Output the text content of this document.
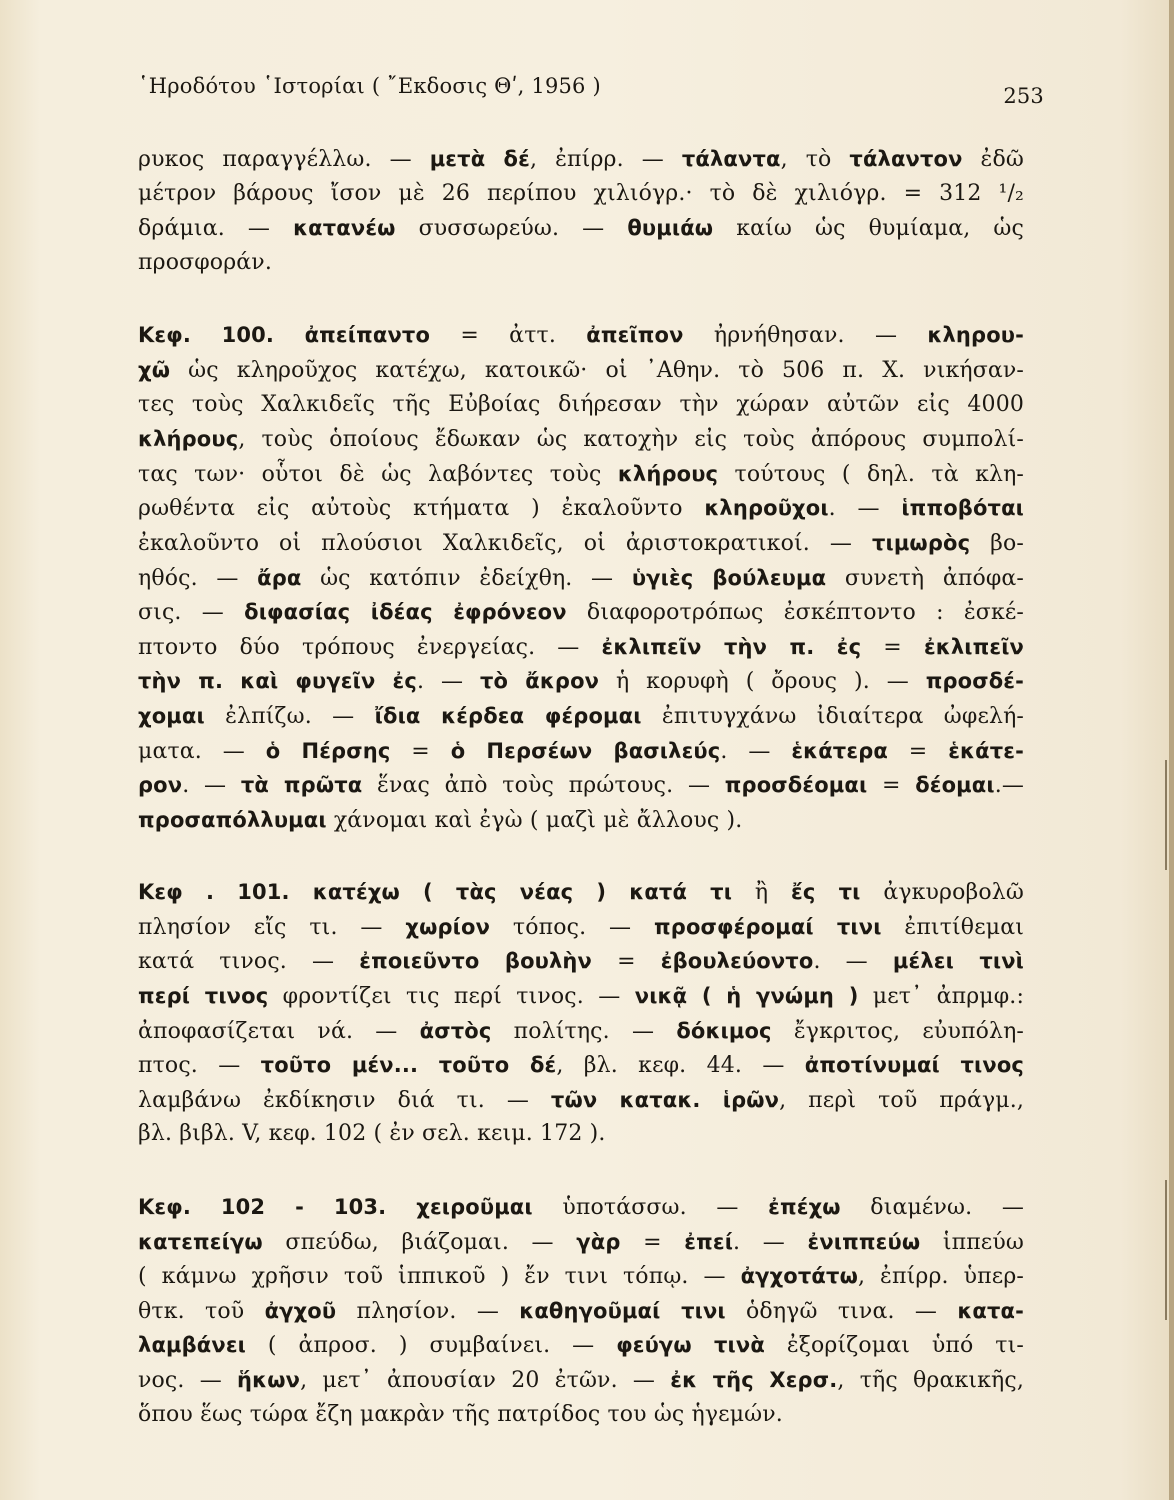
῾Ηροδότου ῾Ιστορίαι ( ῎Εκδοσις Θʹ, 1956 )	253
ρυκος παραγγέλλω. — μετὰ δέ, ἐπίρρ. — τάλαντα, τὸ τάλαντον ἐδῶ
μέτρον βάρους ἴσον μὲ 26 περίπου χιλιόγρ.· τὸ δὲ χιλιόγρ. = 312 ¹/₂
δράμια. — κατανέω συσσωρεύω. — θυμιάω καίω ὡς θυμίαμα, ὡς
προσφοράν.
Κεφ. 100. ἀπείπαντο = ἀττ. ἀπεῖπον ἠρνήθησαν. — κληρου-
χῶ ὡς κληροῦχος κατέχω, κατοικῶ· οἱ ᾿Αθην. τὸ 506 π. Χ. νικήσαν-
τες τοὺς Χαλκιδεῖς τῆς Εὐβοίας διήρεσαν τὴν χώραν αὐτῶν εἰς 4000
κλήρους, τοὺς ὁποίους ἔδωκαν ὡς κατοχὴν εἰς τοὺς ἀπόρους συμπολί-
τας των· οὗτοι δὲ ὡς λαβόντες τοὺς κλήρους τούτους ( δηλ. τὰ κλη-
ρωθέντα εἰς αὐτοὺς κτήματα ) ἐκαλοῦντο κληροῦχοι. — ἱπποβόται
ἐκαλοῦντο οἱ πλούσιοι Χαλκιδεῖς, οἱ ἀριστοκρατικοί. — τιμωρὸς βο-
ηθός. — ἄρα ὡς κατόπιν ἐδείχθη. — ὑγιὲς βούλευμα συνετὴ ἀπόφα-
σις. — διφασίας ἰδέας ἐφρόνεον διαφοροτρόπως ἐσκέπτοντο : ἐσκέ-
πτοντο δύο τρόπους ἐνεργείας. — ἐκλιπεῖν τὴν π. ἐς = ἐκλιπεῖν
τὴν π. καὶ φυγεῖν ἐς. — τὸ ἄκρον ἡ κορυφὴ ( ὄρους ). — προσδέ-
χομαι ἐλπίζω. — ἴδια κέρδεα φέρομαι ἐπιτυγχάνω ἰδιαίτερα ὠφελή-
ματα. — ὁ Πέρσης = ὁ Περσέων βασιλεύς. — ἑκάτερα = ἑκάτε-
ρον. — τὰ πρῶτα ἕνας ἀπὸ τοὺς πρώτους. — προσδέομαι = δέομαι.—
προσαπόλλυμαι χάνομαι καὶ ἐγὼ ( μαζὶ μὲ ἄλλους ).
Κεφ . 101. κατέχω ( τὰς νέας ) κατά τι ἢ ἔς τι ἀγκυροβολῶ
πλησίον εἴς τι. — χωρίον τόπος. — προσφέρομαί τινι ἐπιτίθεμαι
κατά τινος. — ἐποιεῦντο βουλὴν = ἐβουλεύοντο. — μέλει τινὶ
περί τινος φροντίζει τις περί τινος. — νικᾷ ( ἡ γνώμη ) μετ᾽ ἀπρμφ.:
ἀποφασίζεται νά. — ἀστὸς πολίτης. — δόκιμος ἔγκριτος, εὐυπόλη-
πτος. — τοῦτο μέν... τοῦτο δέ, βλ. κεφ. 44. — ἀποτίνυμαί τινος
λαμβάνω ἐκδίκησιν διά τι. — τῶν κατακ. ἱρῶν, περὶ τοῦ πράγμ.,
βλ. βιβλ. V, κεφ. 102 ( ἐν σελ. κειμ. 172 ).
Κεφ. 102 - 103. χειροῦμαι ὑποτάσσω. — ἐπέχω διαμένω. —
κατεπείγω σπεύδω, βιάζομαι. — γὰρ = ἐπεί. — ἐνιππεύω ἱππεύω
( κάμνω χρῆσιν τοῦ ἱππικοῦ ) ἔν τινι τόπῳ. — ἀγχοτάτω, ἐπίρρ. ὑπερ-
θτκ. τοῦ ἀγχοῦ πλησίον. — καθηγοῦμαί τινι ὁδηγῶ τινα. — κατα-
λαμβάνει ( ἀπροσ. ) συμβαίνει. — φεύγω τινὰ ἐξορίζομαι ὑπό τι-
νος. — ἥκων, μετ᾽ ἀπουσίαν 20 ἐτῶν. — ἐκ τῆς Χερσ., τῆς θρακικῆς,
ὅπου ἕως τώρα ἔζη μακρὰν τῆς πατρίδος του ὡς ἡγεμών.
